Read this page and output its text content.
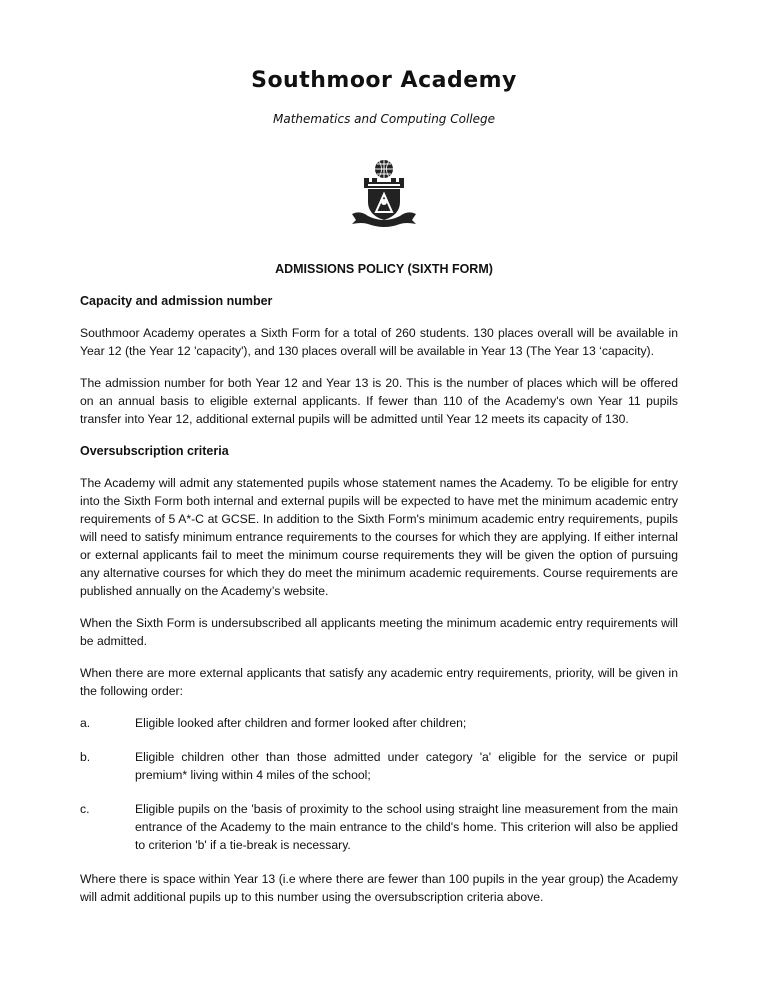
Southmoor Academy
Mathematics and Computing College
ADMISSIONS POLICY (SIXTH FORM)
Capacity and admission number

Southmoor Academy operates a Sixth Form for a total of 260 students. 130 places overall will be available in Year 12 (the Year 12 'capacity'), and 130 places overall will be available in Year 13 (The Year 13 ‘capacity).

The admission number for both Year 12 and Year 13 is 20. This is the number of places which will be offered on an annual basis to eligible external applicants. If fewer than 110 of the Academy's own Year 11 pupils transfer into Year 12, additional external pupils will be admitted until Year 12 meets its capacity of 130.

Oversubscription criteria

The Academy will admit any statemented pupils whose statement names the Academy. To be eligible for entry into the Sixth Form both internal and external pupils will be expected to have met the minimum academic entry requirements of 5 A*-C at GCSE. In addition to the Sixth Form's minimum academic entry requirements, pupils will need to satisfy minimum entrance requirements to the courses for which they are applying. If either internal or external applicants fail to meet the minimum course requirements they will be given the option of pursuing any alternative courses for which they do meet the minimum academic requirements. Course requirements are published annually on the Academy’s website.

When the Sixth Form is undersubscribed all applicants meeting the minimum academic entry requirements will be admitted.

When there are more external applicants that satisfy any academic entry requirements, priority, will be given in the following order:

a.	Eligible looked after children and former looked after children;
b.	Eligible children other than those admitted under category 'a' eligible for the service or pupil premium* living within 4 miles of the school;
c.	Eligible pupils on the 'basis of proximity to the school using straight line measurement from the main entrance of the Academy to the main entrance to the child's home. This criterion will also be applied to criterion 'b' if a tie-break is necessary.

Where there is space within Year 13 (i.e where there are fewer than 100 pupils in the year group) the Academy will admit additional pupils up to this number using the oversubscription criteria above.
